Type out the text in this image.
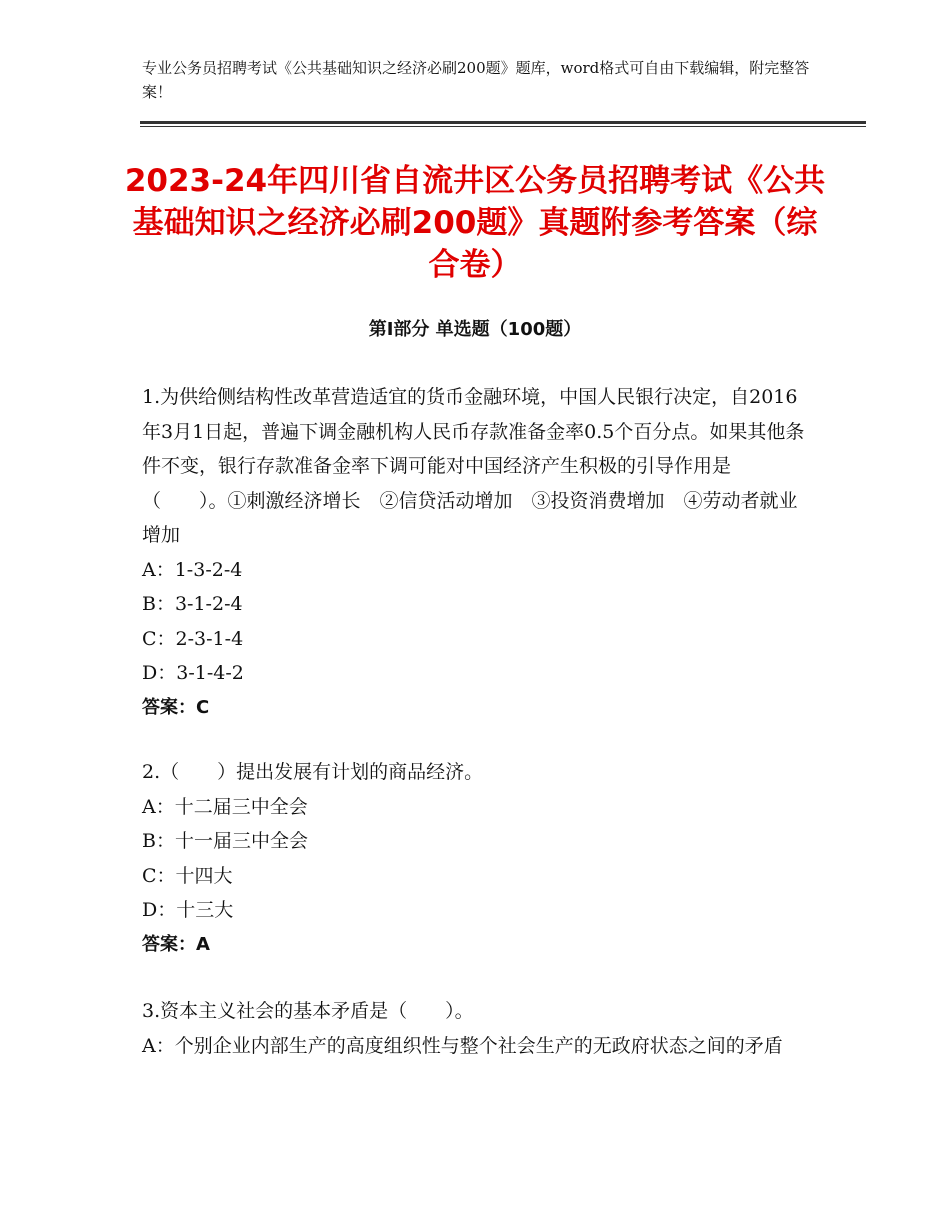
专业公务员招聘考试《公共基础知识之经济必刷200题》题库，word格式可自由下载编辑，附完整答案！
2023-24年四川省自流井区公务员招聘考试《公共基础知识之经济必刷200题》真题附参考答案（综合卷）
第Ⅰ部分 单选题（100题）

1.为供给侧结构性改革营造适宜的货币金融环境，中国人民银行决定，自2016年3月1日起，普遍下调金融机构人民币存款准备金率0.5个百分点。如果其他条件不变，银行存款准备金率下调可能对中国经济产生积极的引导作用是（　　）。①刺激经济增长　②信贷活动增加　③投资消费增加　④劳动者就业增加

A：1-3-2-4

B：3-1-2-4

C：2-3-1-4

D：3-1-4-2

答案：C

2.（　　）提出发展有计划的商品经济。

A：十二届三中全会

B：十一届三中全会

C：十四大

D：十三大

答案：A

3.资本主义社会的基本矛盾是（　　）。

A：个别企业内部生产的高度组织性与整个社会生产的无政府状态之间的矛盾
